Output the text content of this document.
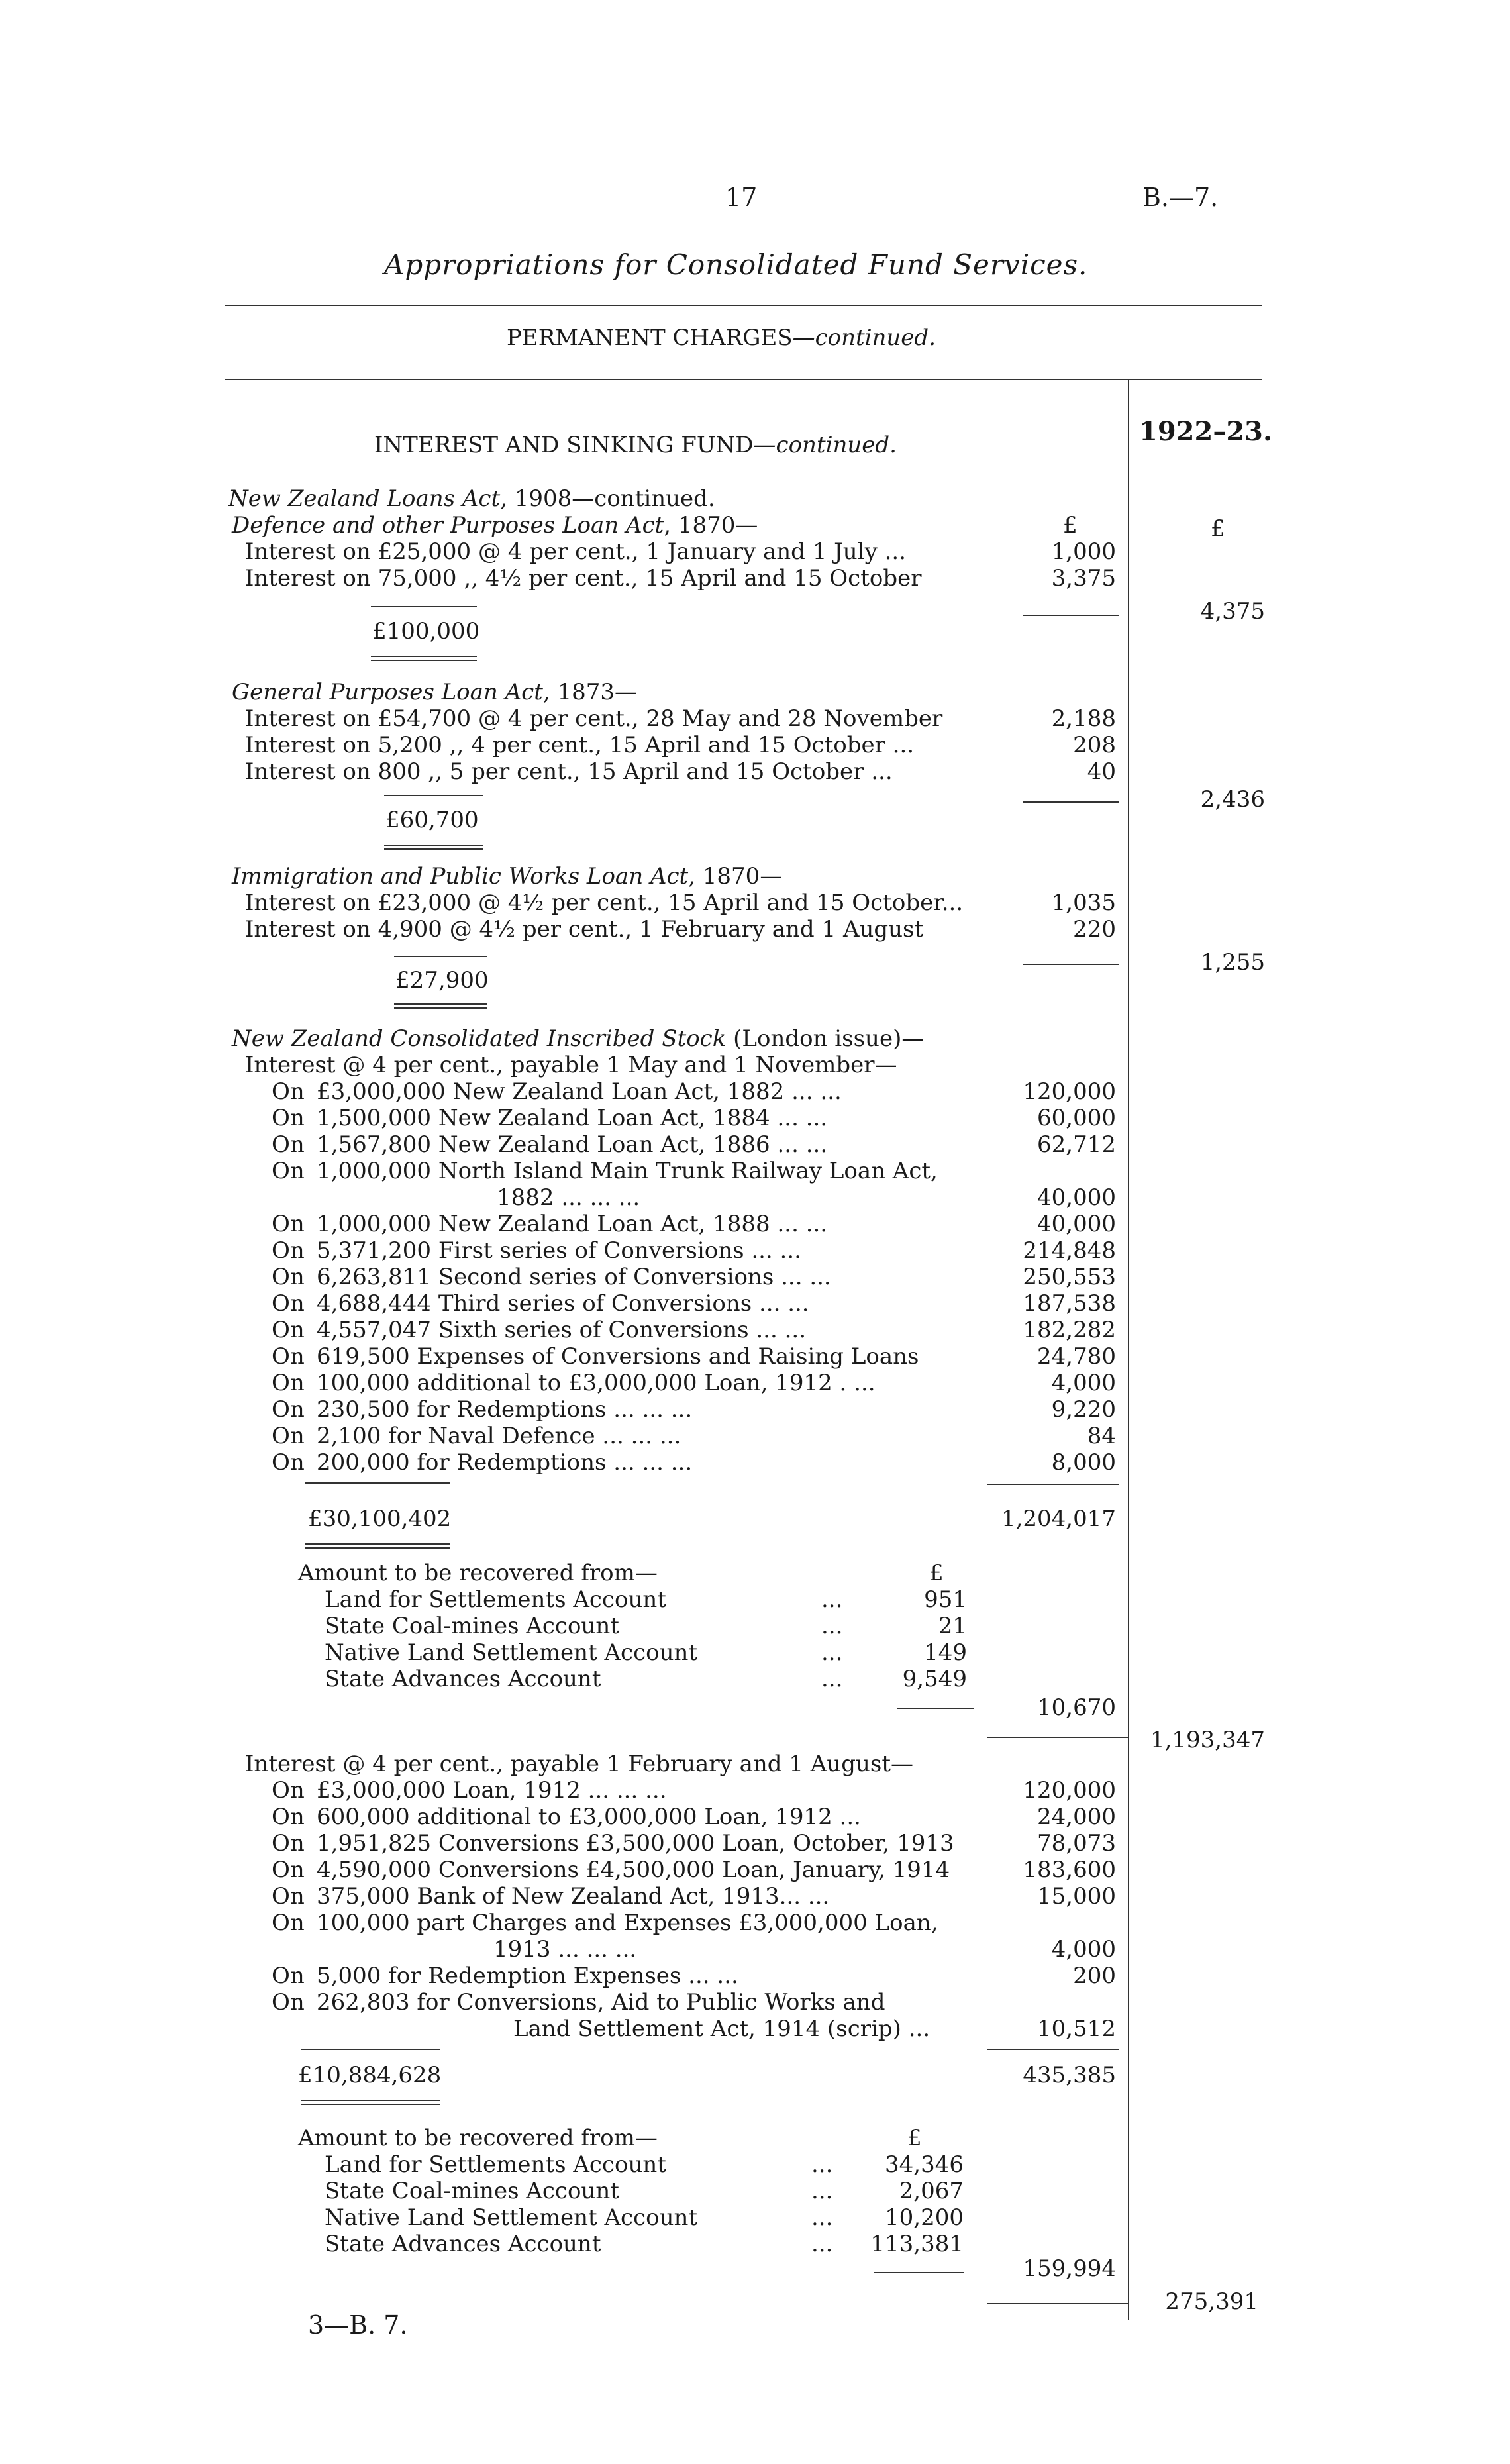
17	B.—7.
Appropriations for Consolidated Fund Services.
PERMANENT CHARGES—continued.
INTEREST AND SINKING FUND—continued.	1922–23.
New Zealand Loans Act, 1908—continued.
Defence and other Purposes Loan Act, 1870—	£	£
Interest on £25,000 @ 4 per cent., 1 January and 1 July ...	1,000
Interest on 75,000 ,, 4½ per cent., 15 April and 15 October	3,375
£100,000
4,375
General Purposes Loan Act, 1873—
Interest on £54,700 @ 4 per cent., 28 May and 28 November	2,188
Interest on 5,200 ,, 4 per cent., 15 April and 15 October ...	208
Interest on 800 ,, 5 per cent., 15 April and 15 October ...	40
£60,700
2,436
Immigration and Public Works Loan Act, 1870—
Interest on £23,000 @ 4½ per cent., 15 April and 15 October...	1,035
Interest on 4,900 @ 4½ per cent., 1 February and 1 August	220
£27,900
1,255
New Zealand Consolidated Inscribed Stock (London issue)—
Interest @ 4 per cent., payable 1 May and 1 November—
On £3,000,000 New Zealand Loan Act, 1882 ... ...	120,000
On 1,500,000 New Zealand Loan Act, 1884 ... ...	60,000
On 1,567,800 New Zealand Loan Act, 1886 ... ...	62,712
On 1,000,000 North Island Main Trunk Railway Loan Act,
1882 ... ... ...	40,000
On 1,000,000 New Zealand Loan Act, 1888 ... ...	40,000
On 5,371,200 First series of Conversions ... ...	214,848
On 6,263,811 Second series of Conversions ... ...	250,553
On 4,688,444 Third series of Conversions ... ...	187,538
On 4,557,047 Sixth series of Conversions ... ...	182,282
On 619,500 Expenses of Conversions and Raising Loans	24,780
On 100,000 additional to £3,000,000 Loan, 1912 . ...	4,000
On 230,500 for Redemptions ... ... ...	9,220
On 2,100 for Naval Defence ... ... ...	84
On 200,000 for Redemptions ... ... ...	8,000
£30,100,402	1,204,017
Amount to be recovered from—	£
Land for Settlements Account	...	951
State Coal-mines Account	...	21
Native Land Settlement Account	...	149
State Advances Account	...	9,549
10,670
1,193,347
Interest @ 4 per cent., payable 1 February and 1 August—
On £3,000,000 Loan, 1912 ... ... ...	120,000
On 600,000 additional to £3,000,000 Loan, 1912 ...	24,000
On 1,951,825 Conversions £3,500,000 Loan, October, 1913	78,073
On 4,590,000 Conversions £4,500,000 Loan, January, 1914	183,600
On 375,000 Bank of New Zealand Act, 1913... ...	15,000
On 100,000 part Charges and Expenses £3,000,000 Loan,
1913 ... ... ...	4,000
On 5,000 for Redemption Expenses ... ...	200
On 262,803 for Conversions, Aid to Public Works and
Land Settlement Act, 1914 (scrip) ...	10,512
£10,884,628	435,385
Amount to be recovered from—	£
Land for Settlements Account	...	34,346
State Coal-mines Account	...	2,067
Native Land Settlement Account	...	10,200
State Advances Account	...	113,381
159,994
275,391
3—B. 7.
